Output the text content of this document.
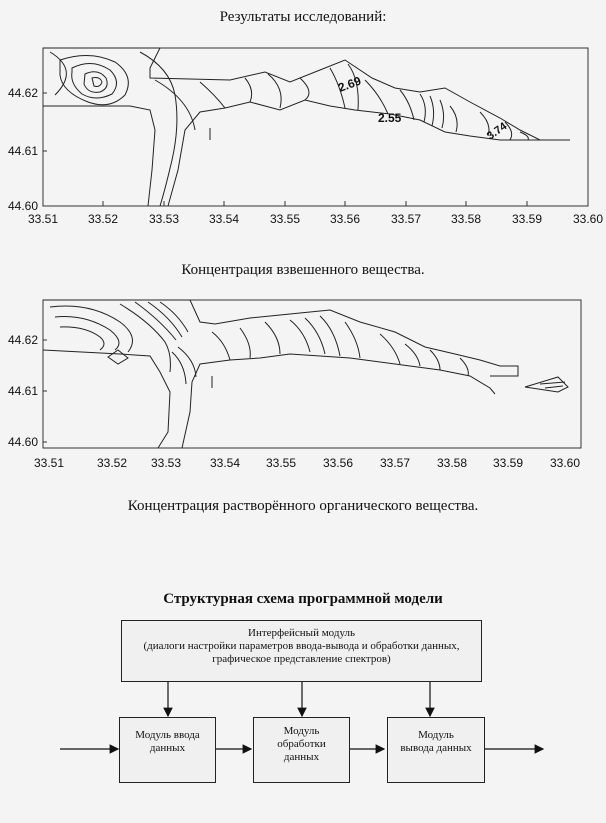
Результаты исследований:
44.62
44.61
44.60
33.51 33.52	33.53 33.54	33.55 33.56	33.57 33.58	33.59	33.60
2.69
2.55
3.74
Концентрация взвешенного вещества.
44.62
44.61
44.60
33.51	33.52 33.53 33.54 33.55 33.56 33.57 33.58 33.59 33.60
Концентрация растворённого органического вещества.
Структурная схема программной модели
Интерфейсный модуль
(диалоги настройки параметров ввода-вывода и обработки данных,
графическое представление спектров)
Модуль ввода
данных
Модуль
обработки
данных
Модуль
вывода данных
